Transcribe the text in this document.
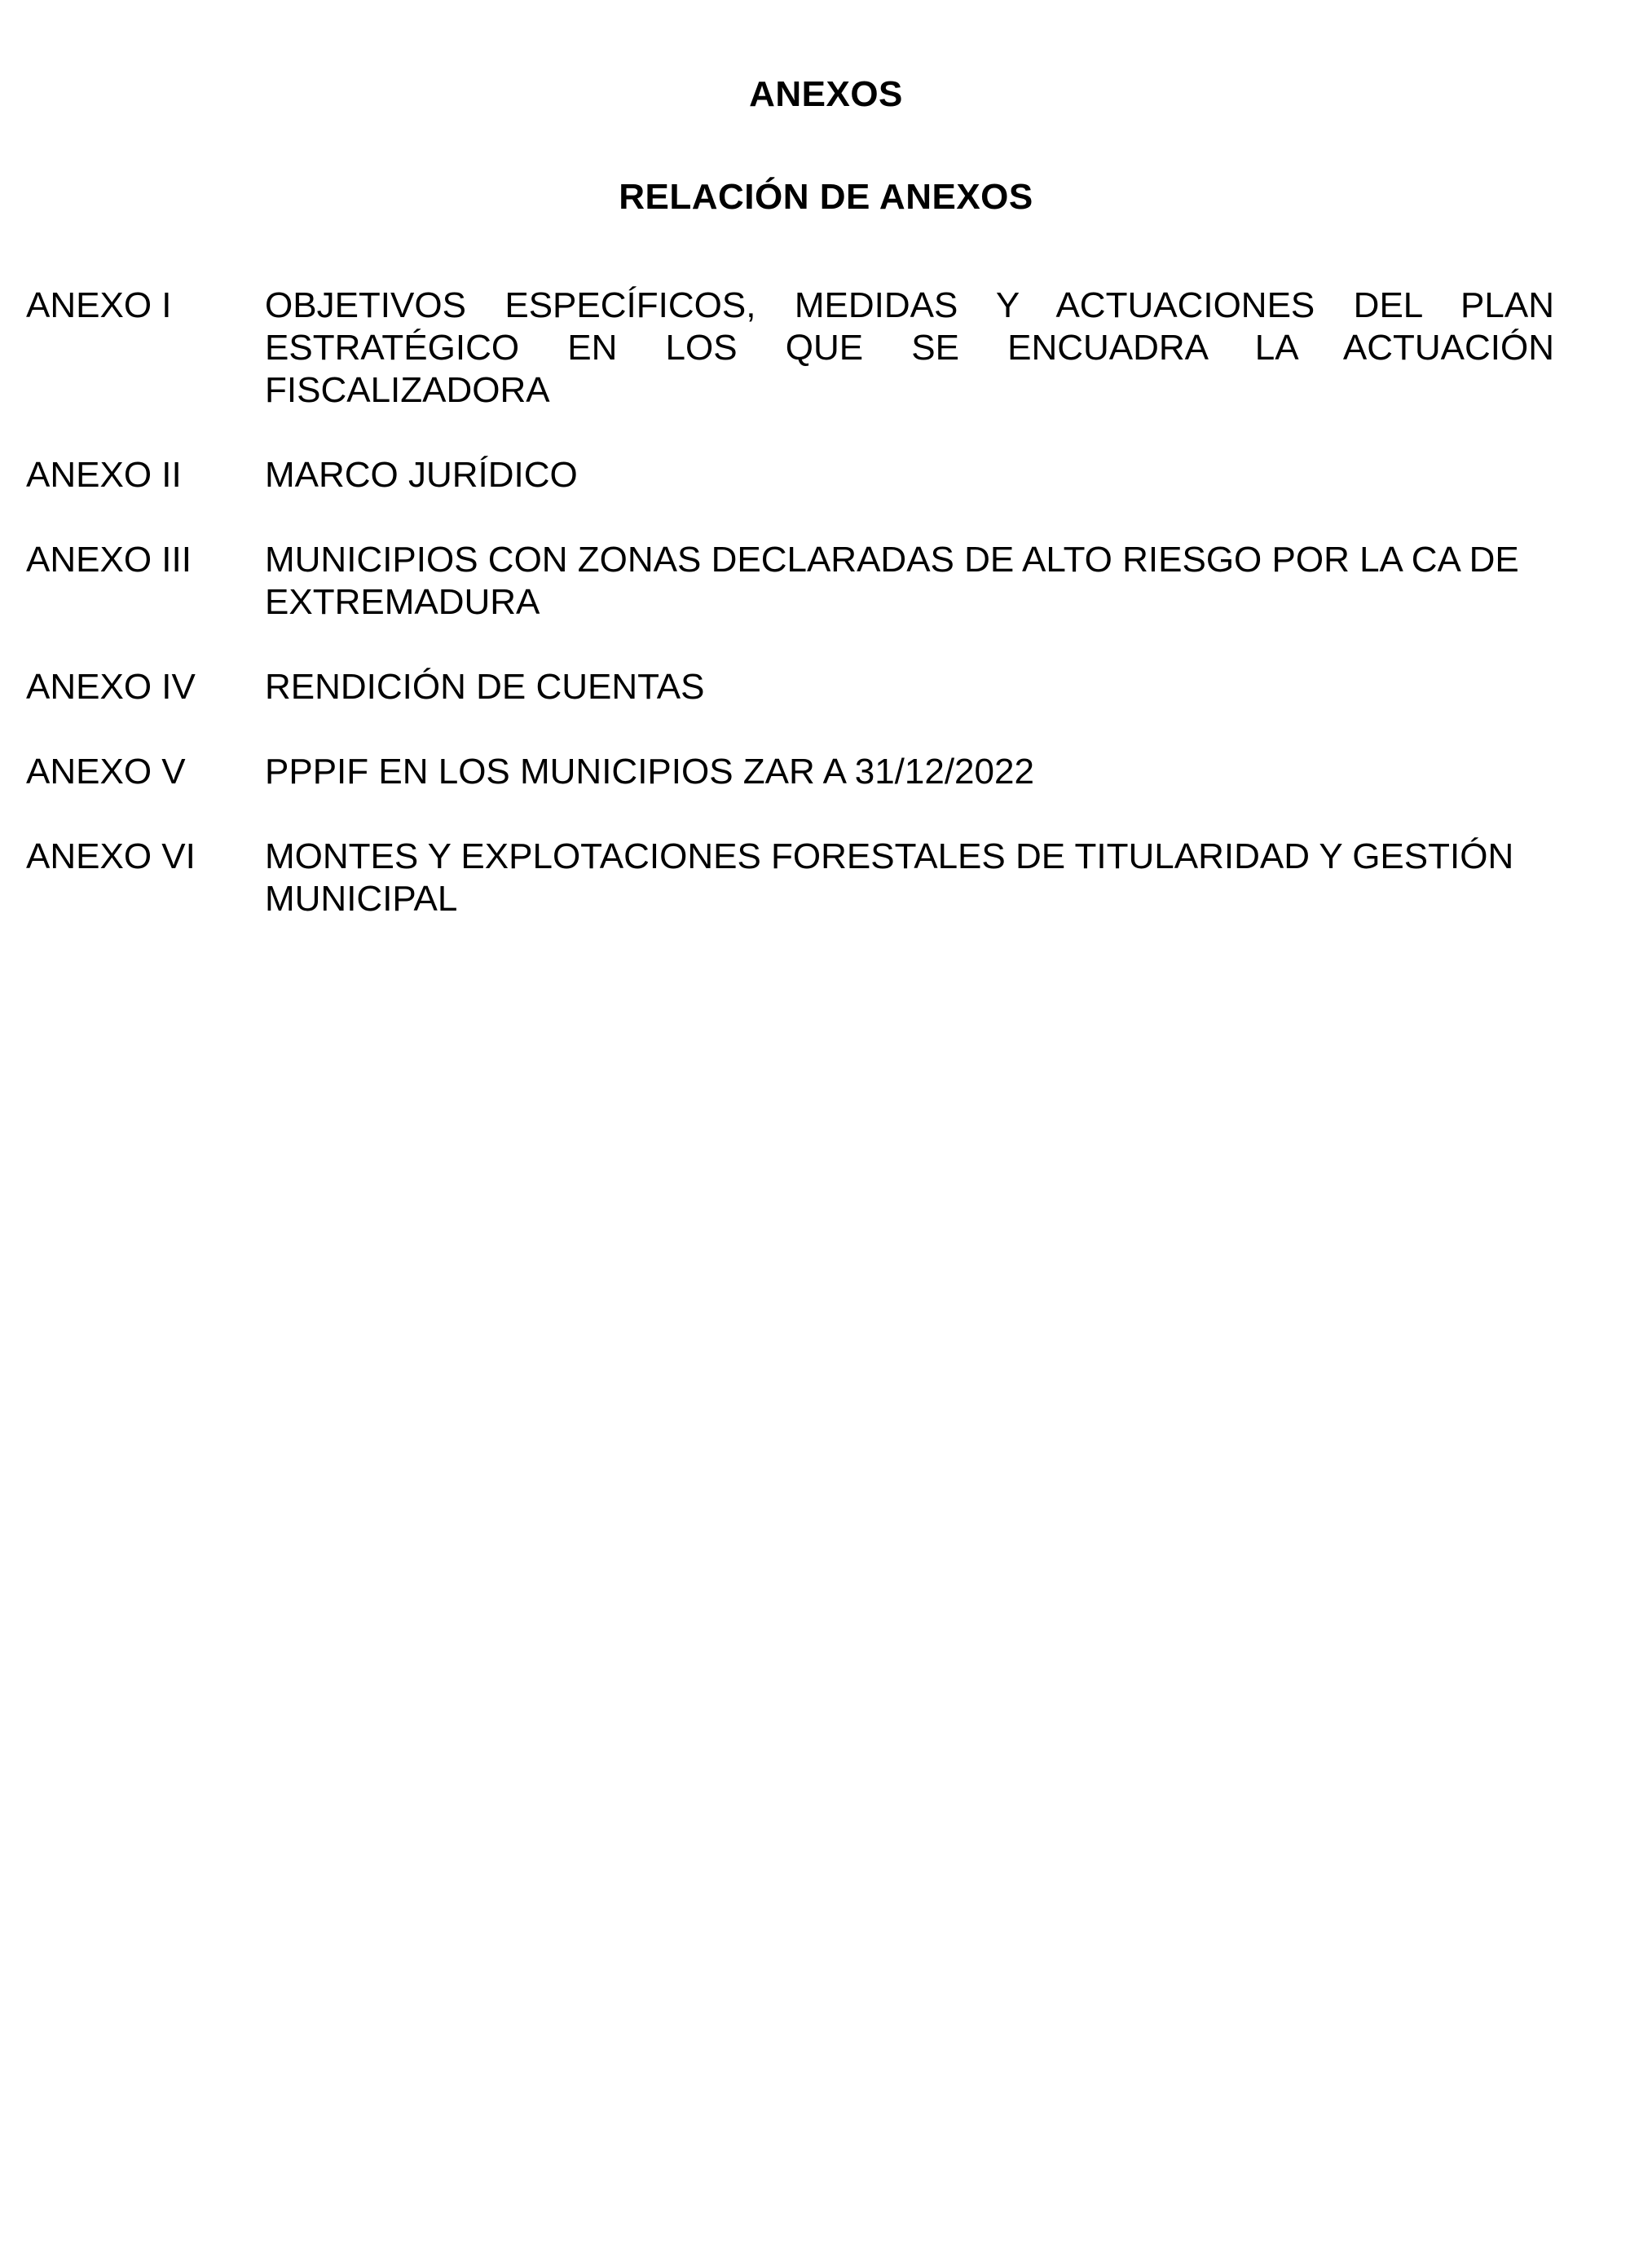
ANEXOS
RELACIÓN DE ANEXOS
ANEXO I	OBJETIVOS ESPECÍFICOS, MEDIDAS Y ACTUACIONES DEL PLAN ESTRATÉGICO EN LOS QUE SE ENCUADRA LA ACTUACIÓN FISCALIZADORA
ANEXO II	MARCO JURÍDICO
ANEXO III	MUNICIPIOS CON ZONAS DECLARADAS DE ALTO RIESGO POR LA CA DE EXTREMADURA
ANEXO IV	RENDICIÓN DE CUENTAS
ANEXO V	PPPIF EN LOS MUNICIPIOS ZAR A 31/12/2022
ANEXO VI	MONTES Y EXPLOTACIONES FORESTALES DE TITULARIDAD Y GESTIÓN MUNICIPAL
